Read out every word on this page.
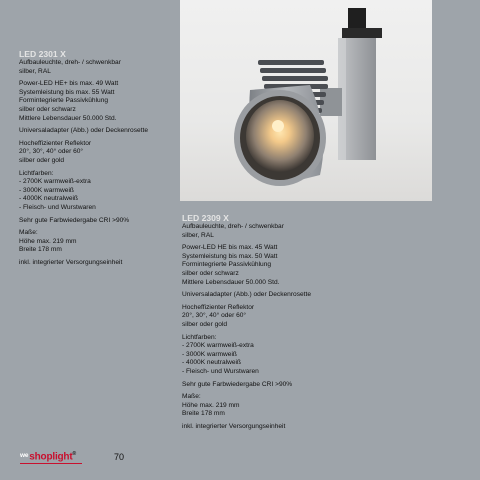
LED 2301 X
Aufbauleuchte, dreh- / schwenkbar
silber, RAL
Power-LED HE+ bis max. 49 Watt
Systemleistung bis max. 55 Watt
Formintegrierte Passivkühlung
silber oder schwarz
Mittlere Lebensdauer 50.000 Std.
Universaladapter (Abb.) oder Deckenrosette
Hocheffizienter Reflektor
20°, 30°, 40° oder 60°
silber oder gold
Lichtfarben:
- 2700K warmweiß-extra
- 3000K warmweiß
- 4000K neutralweiß
- Fleisch- und Wurstwaren
Sehr gute Farbwiedergabe CRI >90%
Maße:
Höhe max. 219 mm
Breite 178 mm
inkl. integrierter Versorgungseinheit
LED 2309 X
Aufbauleuchte, dreh- / schwenkbar
silber, RAL
Power-LED HE bis max. 45 Watt
Systemleistung bis max. 50 Watt
Formintegrierte Passivkühlung
silber oder schwarz
Mittlere Lebensdauer 50.000 Std.
Universaladapter (Abb.) oder Deckenrosette
Hocheffizienter Reflektor
20°, 30°, 40° oder 60°
silber oder gold
Lichtfarben:
- 2700K warmweiß-extra
- 3000K warmweiß
- 4000K neutralweiß
- Fleisch- und Wurstwaren
Sehr gute Farbwiedergabe CRI >90%
Maße:
Höhe max. 219 mm
Breite 178 mm
inkl. integrierter Versorgungseinheit
$^{we}$shoplight®	70
